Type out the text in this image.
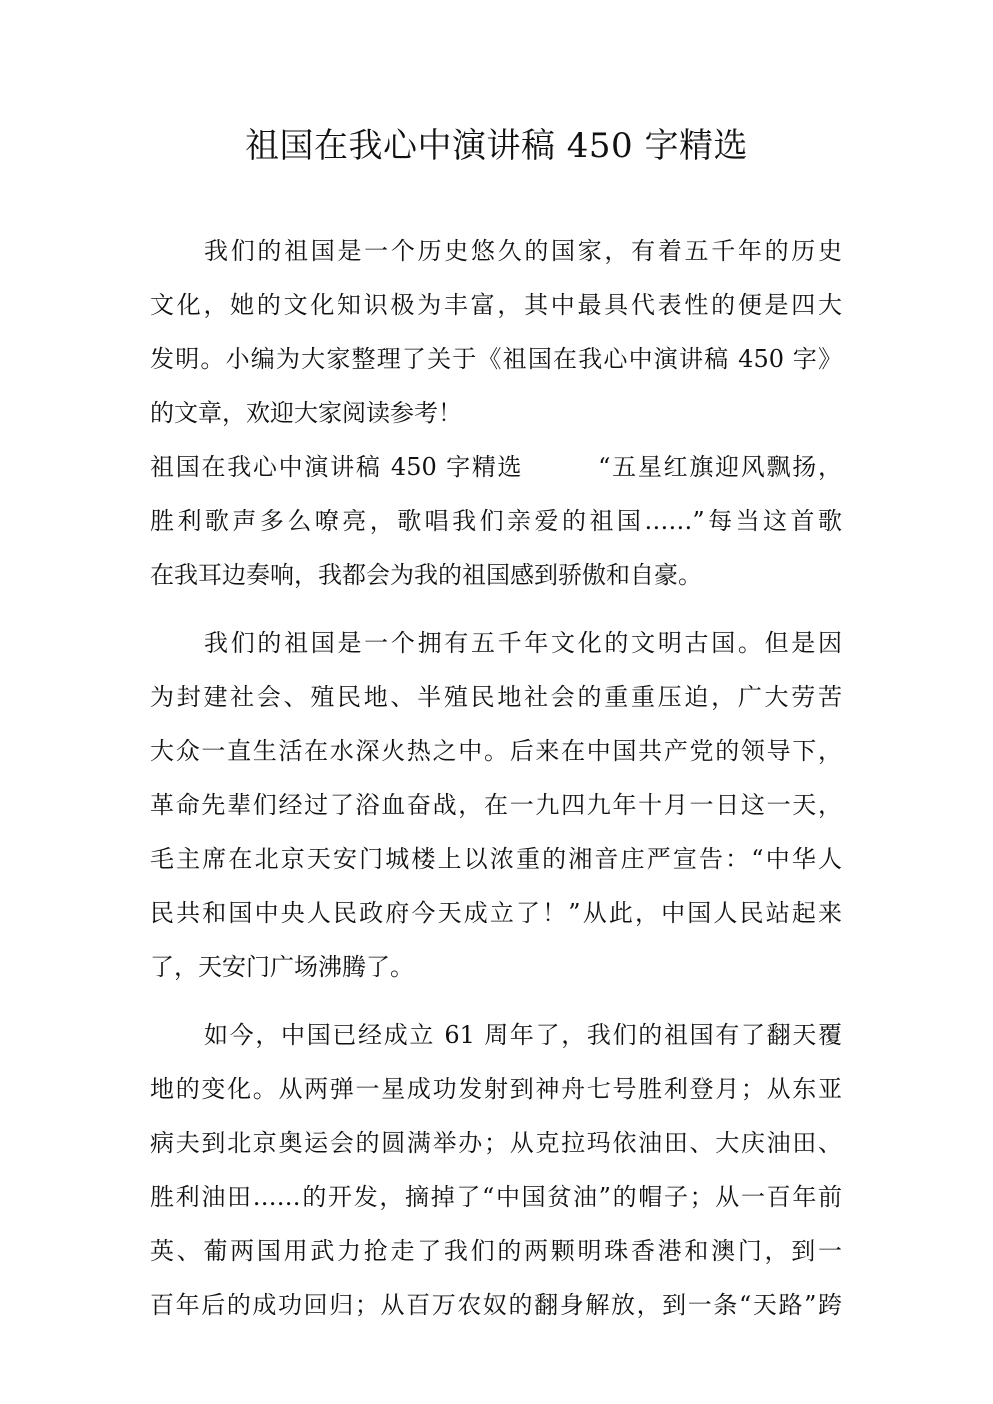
祖国在我心中演讲稿 450 字精选
我们的祖国是一个历史悠久的国家，有着五千年的历史
文化，她的文化知识极为丰富，其中最具代表性的便是四大
发明。小编为大家整理了关于《祖国在我心中演讲稿 450 字》
的文章，欢迎大家阅读参考！
祖国在我心中演讲稿 450 字精选        “五星红旗迎风飘扬，
胜利歌声多么嘹亮，歌唱我们亲爱的祖国……”每当这首歌
在我耳边奏响，我都会为我的祖国感到骄傲和自豪。
我们的祖国是一个拥有五千年文化的文明古国。但是因
为封建社会、殖民地、半殖民地社会的重重压迫，广大劳苦
大众一直生活在水深火热之中。后来在中国共产党的领导下，
革命先辈们经过了浴血奋战，在一九四九年十月一日这一天，
毛主席在北京天安门城楼上以浓重的湘音庄严宣告：“中华人
民共和国中央人民政府今天成立了！”从此，中国人民站起来
了，天安门广场沸腾了。
如今，中国已经成立 61 周年了，我们的祖国有了翻天覆
地的变化。从两弹一星成功发射到神舟七号胜利登月；从东亚
病夫到北京奥运会的圆满举办；从克拉玛依油田、大庆油田、
胜利油田……的开发，摘掉了“中国贫油”的帽子；从一百年前
英、葡两国用武力抢走了我们的两颗明珠香港和澳门，到一
百年后的成功回归；从百万农奴的翻身解放，到一条“天路”跨
